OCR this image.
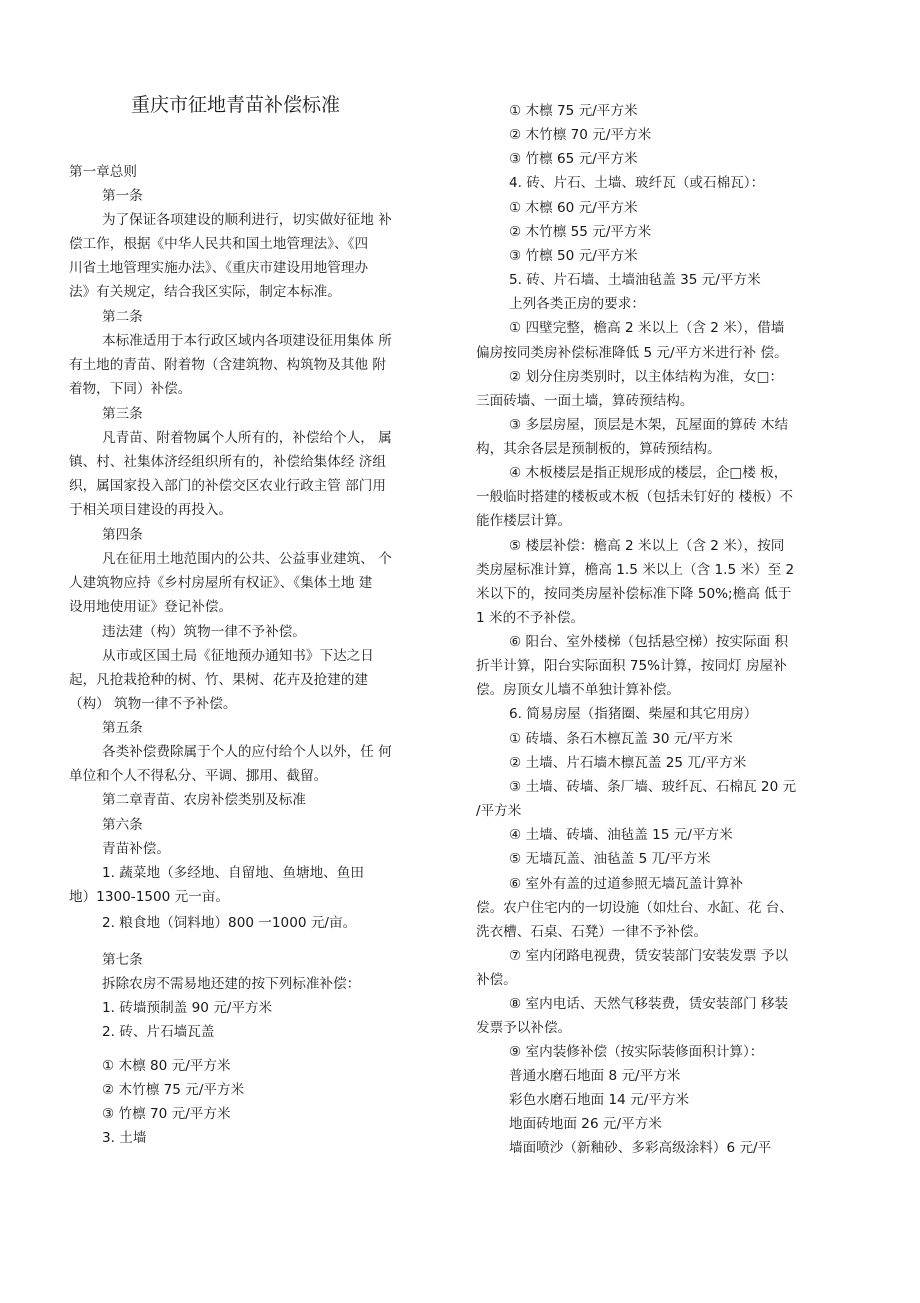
重庆市征地青苗补偿标准
第一章总则
第一条
为了保证各项建设的顺利进行，切实做好征地 补
偿工作，根据《中华人民共和国土地管理法》、《四
川省土地管理实施办法》、《重庆市建设用地管理办
法》有关规定，结合我区实际，制定本标准。
第二条
本标准适用于本行政区域内各项建设征用集体 所
有土地的青苗、附着物（含建筑物、构筑物及其他 附
着物，下同）补偿。
第三条
凡青苗、附着物属个人所有的，补偿给个人， 属
镇、村、社集体济经组织所有的，补偿给集体经 济组
织，属国家投入部门的补偿交区农业行政主管 部门用
于相关项目建设的再投入。
第四条
凡在征用土地范围内的公共、公益事业建筑、 个
人建筑物应持《乡村房屋所有权证》、《集体土地 建
设用地使用证》登记补偿。
违法建（构）筑物一律不予补偿。
从市或区国土局《征地预办通知书》下达之日
起，凡抢栽抢种的树、竹、果树、花卉及抢建的建
（构） 筑物一律不予补偿。
第五条
各类补偿费除属于个人的应付给个人以外，任 何
单位和个人不得私分、平调、挪用、截留。
第二章青苗、农房补偿类别及标准
第六条
青苗补偿。
1. 蔬菜地（多经地、自留地、鱼塘地、鱼田
地）1300-1500 元一亩。
2. 粮食地（饲料地）800 一1000 元/亩。
第七条
拆除农房不需易地还建的按下列标准补偿：
1. 砖墙预制盖 90 元/平方米
2. 砖、片石墙瓦盖
① 木檩 80 元/平方米
② 木竹檩 75 元/平方米
③ 竹檩 70 元/平方米
3. 土墙
① 木檩 75 元/平方米
② 木竹檩 70 元/平方米
③ 竹檩 65 元/平方米
4. 砖、片石、土墙、玻纤瓦（或石棉瓦）：
① 木檩 60 元/平方米
② 木竹檩 55 元/平方米
③ 竹檩 50 元/平方米
5. 砖、片石墙、土墙油毡盖 35 元/平方米
上列各类正房的要求：
① 四壁完整，檐高 2 米以上（含 2 米），借墙
偏房按同类房补偿标准降低 5 元/平方米进行补 偿。
② 划分住房类别时，以主体结构为准，女□：
三面砖墙、一面土墙，算砖预结构。
③ 多层房屋，顶层是木架，瓦屋面的算砖 木结
构，其余各层是预制板的，算砖预结构。
④ 木板楼层是指正规形成的楼层，企□楼 板，
一般临时搭建的楼板或木板（包括未钉好的 楼板）不
能作楼层计算。
⑤ 楼层补偿：檐高 2 米以上（含 2 米），按同
类房屋标准计算，檐高 1.5 米以上（含 1.5 米）至 2
米以下的，按同类房屋补偿标准下降 50%;檐高 低于
1 米的不予补偿。
⑥ 阳台、室外楼梯（包括悬空梯）按实际面 积
折半计算，阳台实际面积 75%计算，按同灯 房屋补
偿。房顶女儿墙不单独计算补偿。
6. 简易房屋（指猪圈、柴屋和其它用房）
① 砖墙、条石木檩瓦盖 30 元/平方米
② 土墙、片石墙木檩瓦盖 25 兀/平方米
③ 土墙、砖墙、条厂墙、玻纤瓦、石棉瓦 20 元
/平方米
④ 土墙、砖墙、油毡盖 15 元/平方米
⑤ 无墙瓦盖、油毡盖 5 兀/平方米
⑥ 室外有盖的过道参照无墙瓦盖计算补
偿。农户住宅内的一切设施（如灶台、水缸、花 台、
洗衣槽、石桌、石凳）一律不予补偿。
⑦ 室内闭路电视费，赁安装部门安装发票 予以
补偿。
⑧ 室内电话、天然气移装费，赁安装部门 移装
发票予以补偿。
⑨ 室内装修补偿（按实际装修面积计算）：
普通水磨石地面 8 元/平方米
彩色水磨石地面 14 元/平方米
地面砖地面 26 元/平方米
墙面喷沙（新釉砂、多彩高级涂料）6 元/平
